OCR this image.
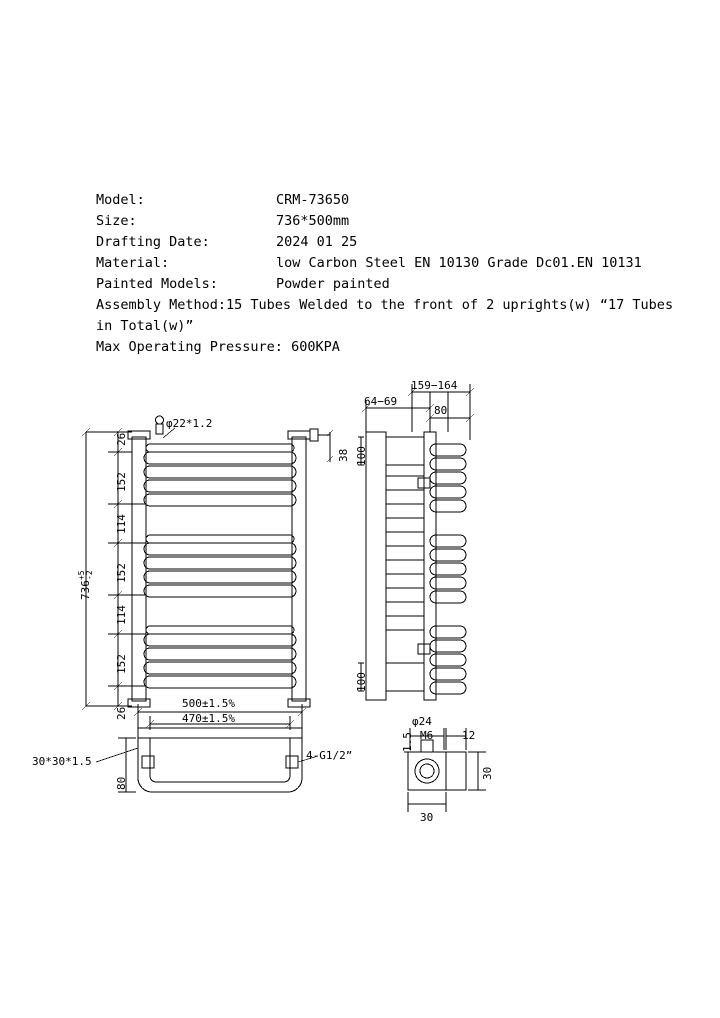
Model:	CRM-73650
Size:	736*500mm
Drafting Date:	2024 01 25
Material:	low Carbon Steel EN 10130 Grade Dc01.EN 10131
Painted Models:	Powder painted
Assembly Method:15 Tubes Welded to the front of 2 uprights(w) “17 Tubes in Total(w)”
Max Operating Pressure: 600KPA
26
152
114
152
114
152
26
736
+5 -2
φ22*1.2
38
159−164
64−69
80
100
100
500±1.5%
470±1.5%
30*30*1.5
80
4-G1/2”
φ24
M6
1.5	12
30
30
